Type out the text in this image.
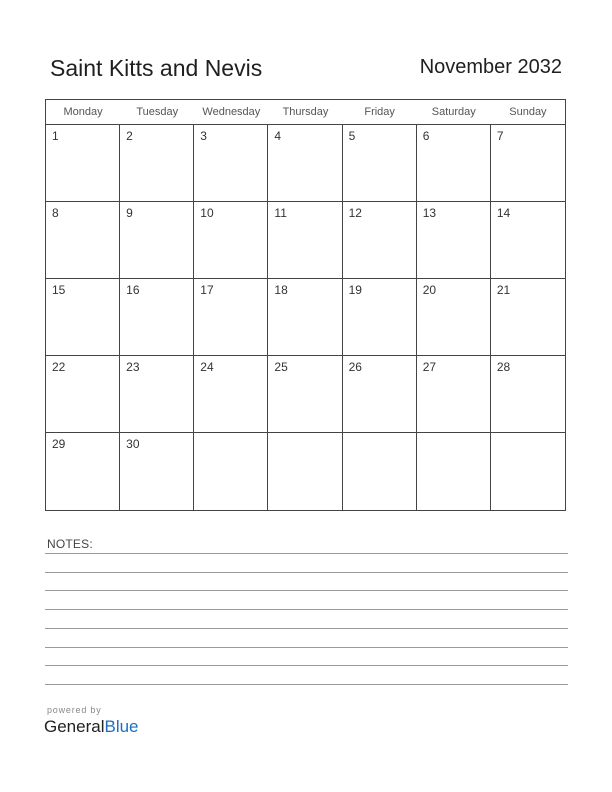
Saint Kitts and Nevis	November 2032
Monday	Tuesday	Wednesday	Thursday	Friday	Saturday	Sunday
1	2	3	4	5	6	7
8	9	10	11	12	13	14
15	16	17	18	19	20	21
22	23	24	25	26	27	28
29	30
NOTES:
powered by
GeneralBlue
